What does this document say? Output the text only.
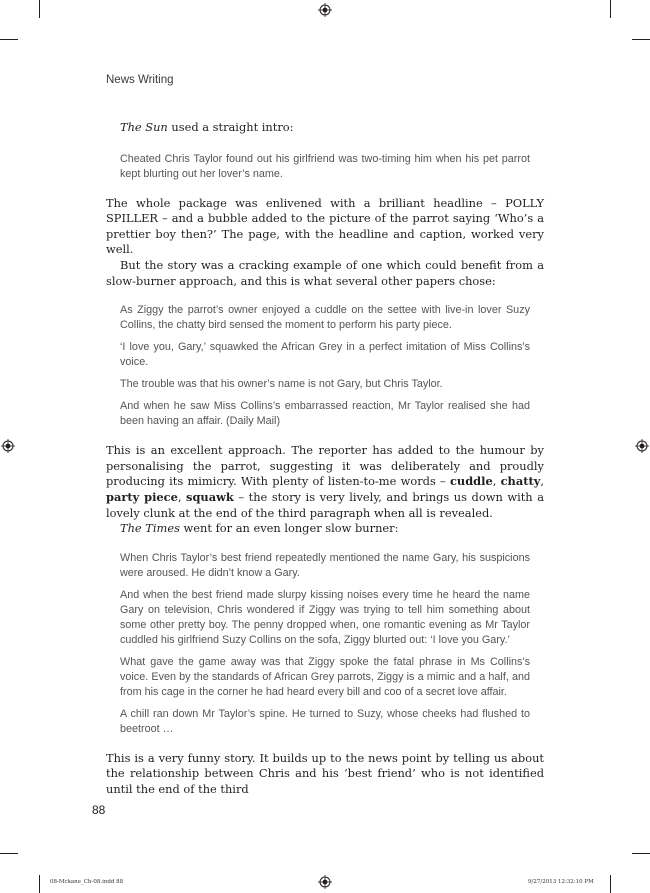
News Writing

The Sun used a straight intro:

Cheated Chris Taylor found out his girlfriend was two-timing him when his pet parrot kept blurting out her lover’s name.

The whole package was enlivened with a brilliant headline – POLLY SPILLER – and a bubble added to the picture of the parrot saying ‘Who’s a prettier boy then?’ The page, with the headline and caption, worked very well.

But the story was a cracking example of one which could benefit from a slow-burner approach, and this is what several other papers chose:

As Ziggy the parrot’s owner enjoyed a cuddle on the settee with live-in lover Suzy Collins, the chatty bird sensed the moment to perform his party piece.

‘I love you, Gary,’ squawked the African Grey in a perfect imitation of Miss Collins’s voice.

The trouble was that his owner’s name is not Gary, but Chris Taylor.

And when he saw Miss Collins’s embarrassed reaction, Mr Taylor realised she had been having an affair. (Daily Mail)

This is an excellent approach. The reporter has added to the humour by personalising the parrot, suggesting it was deliberately and proudly producing its mimicry. With plenty of listen-to-me words – cuddle, chatty, party piece, squawk – the story is very lively, and brings us down with a lovely clunk at the end of the third paragraph when all is revealed.

The Times went for an even longer slow burner:

When Chris Taylor’s best friend repeatedly mentioned the name Gary, his suspicions were aroused. He didn’t know a Gary.

And when the best friend made slurpy kissing noises every time he heard the name Gary on television, Chris wondered if Ziggy was trying to tell him something about some other pretty boy. The penny dropped when, one romantic evening as Mr Taylor cuddled his girlfriend Suzy Collins on the sofa, Ziggy blurted out: ‘I love you Gary.’

What gave the game away was that Ziggy spoke the fatal phrase in Ms Collins’s voice. Even by the standards of African Grey parrots, Ziggy is a mimic and a half, and from his cage in the corner he had heard every bill and coo of a secret love affair.

A chill ran down Mr Taylor’s spine. He turned to Suzy, whose cheeks had flushed to beetroot …

This is a very funny story. It builds up to the news point by telling us about the relationship between Chris and his ‘best friend’ who is not identified until the end of the third

88
08-Mckane_Ch-08.indd 88	9/27/2013 12:32:10 PM
